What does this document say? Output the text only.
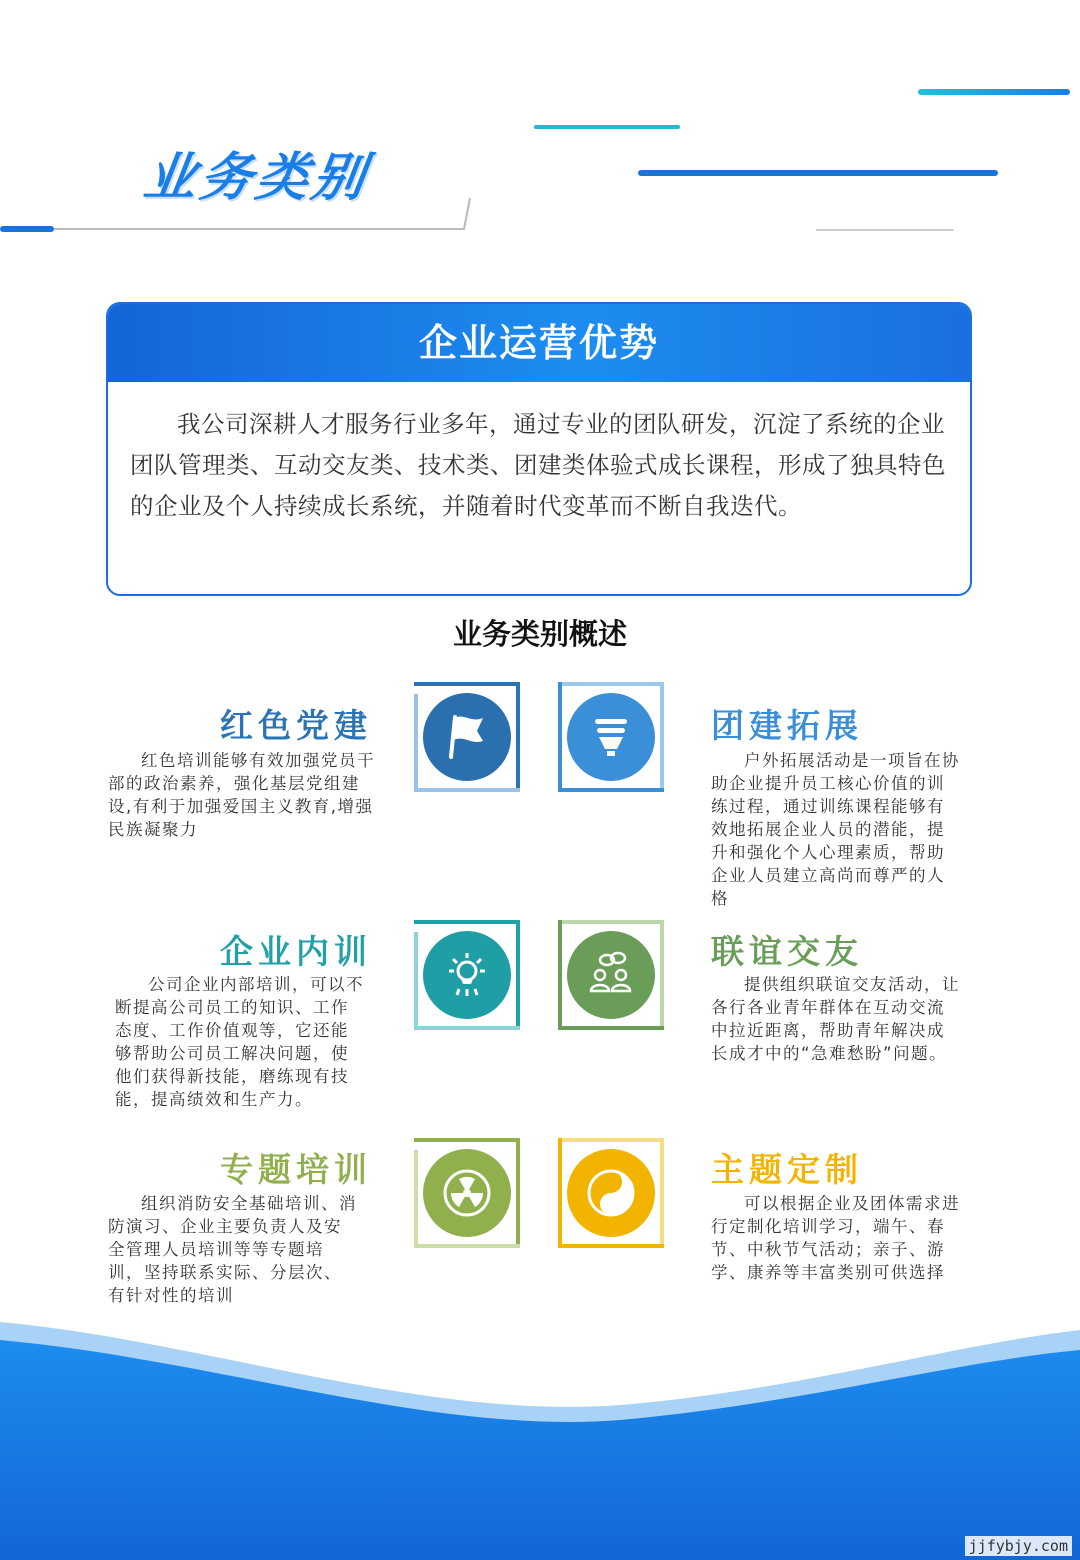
业务类别
企业运营优势
我公司深耕人才服务行业多年，通过专业的团队研发，沉淀了系统的企业团队管理类、互动交友类、技术类、团建类体验式成长课程，形成了独具特色的企业及个人持续成长系统，并随着时代变革而不断自我迭代。
业务类别概述
红色党建
红色培训能够有效加强党员干部的政治素养，强化基层党组建设,有利于加强爱国主义教育,增强民族凝聚力
团建拓展
户外拓展活动是一项旨在协助企业提升员工核心价值的训练过程，通过训练课程能够有效地拓展企业人员的潜能，提升和强化个人心理素质，帮助企业人员建立高尚而尊严的人格
企业内训
公司企业内部培训，可以不断提高公司员工的知识、工作态度、工作价值观等，它还能够帮助公司员工解决问题，使他们获得新技能，磨练现有技能，提高绩效和生产力。
联谊交友
提供组织联谊交友活动，让各行各业青年群体在互动交流中拉近距离，帮助青年解决成长成才中的“急难愁盼”问题。
专题培训
组织消防安全基础培训、消防演习、企业主要负责人及安全管理人员培训等等专题培训，坚持联系实际、分层次、有针对性的培训
主题定制
可以根据企业及团体需求进行定制化培训学习，端午、春节、中秋节气活动；亲子、游学、康养等丰富类别可供选择
jjfybjy.com
